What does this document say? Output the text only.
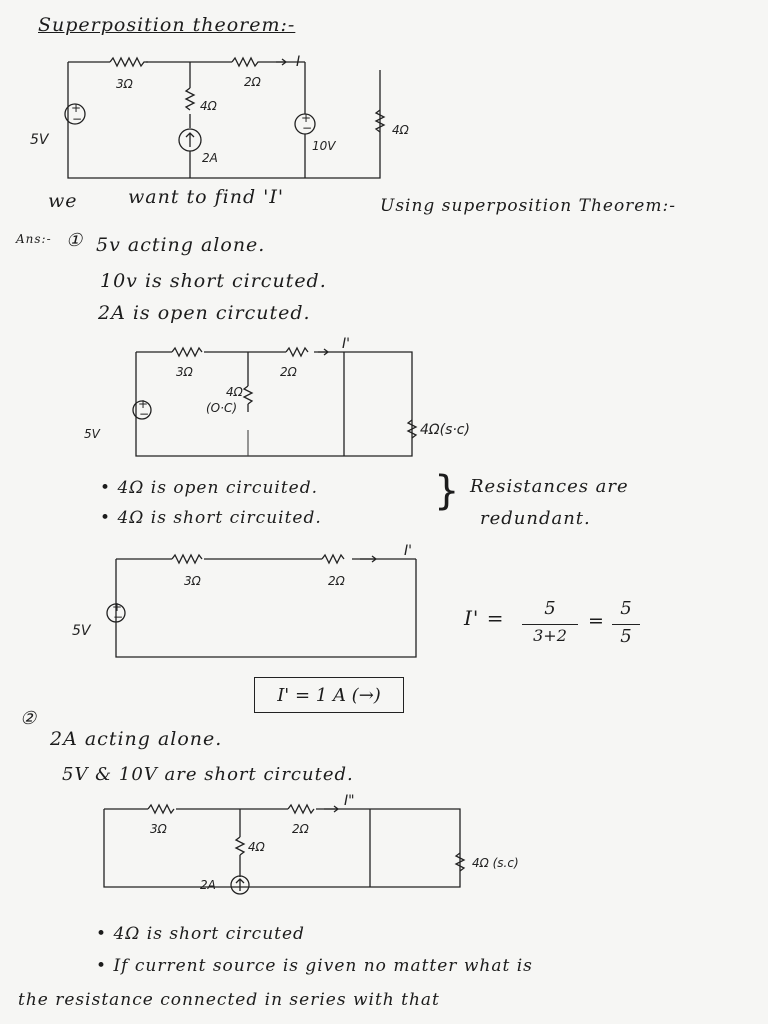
Superposition theorem:-
+
−	+
−
3Ω
4Ω
2A
2Ω
I
10V
4Ω
5V
we	want to find 'I'	Using superposition Theorem:-
Ans:- ① 5v acting alone.
10v is short circuted.
2A is open circuted.
+
−
3Ω	2Ω
I'
4Ω
(O·C)
4Ω(s·c)
5V
• 4Ω is open circuited.
• 4Ω is short circuited.
} Resistances are
redundant.
+
−
3Ω	2Ω
I'
5V
I' =	5
3+2
=
5
5
I' = 1 A (→)
②
2A acting alone.
5V & 10V are short circuted.
3Ω	2Ω
I"
4Ω
2A
4Ω (s.c)
• 4Ω is short circuted
• If current source is given no matter what is
the resistance connected in series with that
